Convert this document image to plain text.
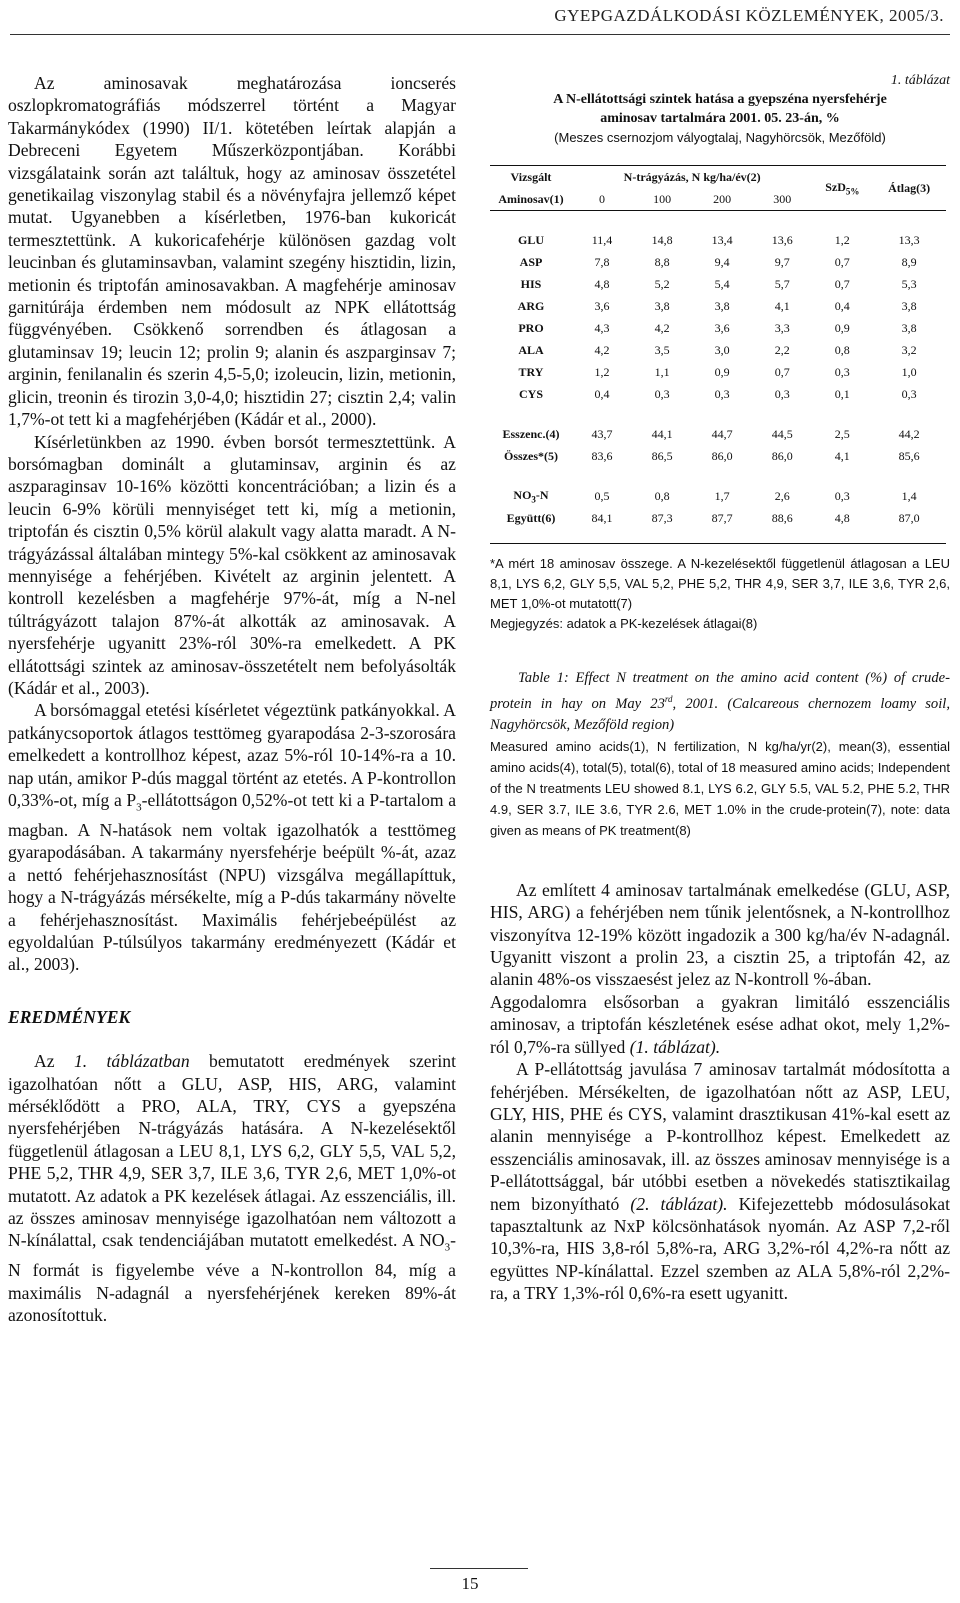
GYEPGAZDÁLKODÁSI KÖZLEMÉNYEK, 2005/3.

Az aminosavak meghatározása ioncserés oszlopkromatográfiás módszerrel történt a Magyar Takarmánykódex (1990) II/1. kötetében leírtak alapján a Debreceni Egyetem Műszerközpontjában. Korábbi vizsgálataink során azt találtuk, hogy az aminosav összetétel genetikailag viszonylag stabil és a növényfajra jellemző képet mutat. Ugyanebben a kísérletben, 1976-ban kukoricát termesztettünk. A kukoricafehérje különösen gazdag volt leucinban és glutaminsavban, valamint szegény hisztidin, lizin, metionin és triptofán aminosavakban. A magfehérje aminosav garnitúrája érdemben nem módosult az NPK ellátottság függvényében. Csökkenő sorrendben és átlagosan a glutaminsav 19; leucin 12; prolin 9; alanin és aszparginsav 7; arginin, fenilanalin és szerin 4,5-5,0; izoleucin, lizin, metionin, glicin, treonin és tirozin 3,0-4,0; hisztidin 27; cisztin 2,4; valin 1,7%-ot tett ki a magfehérjében (Kádár et al., 2000).

Kísérletünkben az 1990. évben borsót termesztettünk. A borsómagban dominált a glutaminsav, arginin és az aszparaginsav 10-16% közötti koncentrációban; a lizin és a leucin 6-9% körüli mennyiséget tett ki, míg a metionin, triptofán és cisztin 0,5% körül alakult vagy alatta maradt. A N-trágyázással általában mintegy 5%-kal csökkent az aminosavak mennyisége a fehérjében. Kivételt az arginin jelentett. A kontroll kezelésben a magfehérje 97%-át, míg a N-nel túltrágyázott talajon 87%-át alkották az aminosavak. A nyersfehérje ugyanitt 23%-ról 30%-ra emelkedett. A PK ellátottsági szintek az aminosav-összetételt nem befolyásolták (Kádár et al., 2003).

A borsómaggal etetési kísérletet végeztünk patkányokkal. A patkánycsoportok átlagos testtömeg gyarapodása 2-3-szorosára emelkedett a kontrollhoz képest, azaz 5%-ról 10-14%-ra a 10. nap után, amikor P-dús maggal történt az etetés. A P-kontrollon 0,33%-ot, míg a $P_3$-ellátottságon 0,52%-ot tett ki a P-tartalom a magban. A N-hatások nem voltak igazolhatók a testtömeg gyarapodásában. A takarmány nyersfehérje beépült %-át, azaz a nettó fehérjehasznosítást (NPU) vizsgálva megállapíttuk, hogy a N-trágyázás mérsékelte, míg a P-dús takarmány növelte a fehérjehasznosítást. Maximális fehérjebeépülést az egyoldalúan P-túlsúlyos takarmány eredményezett (Kádár et al., 2003).

EREDMÉNYEK

Az 1. táblázatban bemutatott eredmények szerint igazolhatóan nőtt a GLU, ASP, HIS, ARG, valamint mérséklődött a PRO, ALA, TRY, CYS a gyepszéna nyersfehérjében N-trágyázás hatására. A N-kezelésektől függetlenül átlagosan a LEU 8,1, LYS 6,2, GLY 5,5, VAL 5,2, PHE 5,2, THR 4,9, SER 3,7, ILE 3,6, TYR 2,6, MET 1,0%-ot mutatott. Az adatok a PK kezelések átlagai. Az esszenciális, ill. az összes aminosav mennyisége igazolhatóan nem változott a N-kínálattal, csak tendenciájában mutatott emelkedést. A $NO_3-N$ formát is figyelembe véve a N-kontrollon 84, míg a maximális N-adagnál a nyersfehérjének kereken 89%-át azonosítottuk.

1. táblázat
A N-ellátottsági szintek hatása a gyepszéna nyersfehérje
aminosav tartalmára 2001. 05. 23-án, %
(Meszes csernozjom vályogtalaj, Nagyhörcsök, Mezőföld)
Vizsgált	N-trágyázás, N kg/ha/év(2)				SzD$_{5\%}$	Átlag(3)
Aminosav(1)	0	100	200	300		

GLU	11,4	14,8	13,4	13,6	1,2	13,3
ASP	7,8	8,8	9,4	9,7	0,7	8,9
HIS	4,8	5,2	5,4	5,7	0,7	5,3
ARG	3,6	3,8	3,8	4,1	0,4	3,8
PRO	4,3	4,2	3,6	3,3	0,9	3,8
ALA	4,2	3,5	3,0	2,2	0,8	3,2
TRY	1,2	1,1	0,9	0,7	0,3	1,0
CYS	0,4	0,3	0,3	0,3	0,1	0,3

Esszenc.(4)	43,7	44,1	44,7	44,5	2,5	44,2
Összes*(5)	83,6	86,5	86,0	86,0	4,1	85,6

$NO_3-N$	0,5	0,8	1,7	2,6	0,3	1,4
Együtt(6)	84,1	87,3	87,7	88,6	4,8	87,0

*A mért 18 aminosav összege. A N-kezelésektől függetlenül átlagosan a LEU 8,1, LYS 6,2, GLY 5,5, VAL 5,2, PHE 5,2, THR 4,9, SER 3,7, ILE 3,6, TYR 2,6, MET 1,0%-ot mutatott(7)
Megjegyzés: adatok a PK-kezelések átlagai(8)
Table 1: Effect N treatment on the amino acid content (%) of crude-protein in hay on May 23rd, 2001. (Calcareous chernozem loamy soil, Nagyhörcsök, Mezőföld region)
Measured amino acids(1), N fertilization, N kg/ha/yr(2), mean(3), essential amino acids(4), total(5), total(6), total of 18 measured amino acids; Independent of the N treatments LEU showed 8.1, LYS 6.2, GLY 5.5, VAL 5.2, PHE 5.2, THR 4.9, SER 3.7, ILE 3.6, TYR 2.6, MET 1.0% in the crude-protein(7), note: data given as means of PK treatment(8)

Az említett 4 aminosav tartalmának emelkedése (GLU, ASP, HIS, ARG) a fehérjében nem tűnik jelentősnek, a N-kontrollhoz viszonyítva 12-19% között ingadozik a 300 kg/ha/év N-adagnál. Ugyanitt viszont a prolin 23, a cisztin 25, a triptofán 42, az alanin 48%-os visszaesést jelez az N-kontroll %-ában.

Aggodalomra elsősorban a gyakran limitáló esszenciális aminosav, a triptofán készletének esése adhat okot, mely 1,2%-ról 0,7%-ra süllyed (1. táblázat).

A P-ellátottság javulása 7 aminosav tartalmát módosította a fehérjében. Mérsékelten, de igazolhatóan nőtt az ASP, LEU, GLY, HIS, PHE és CYS, valamint drasztikusan 41%-kal esett az alanin mennyisége a P-kontrollhoz képest. Emelkedett az esszenciális aminosavak, ill. az összes aminosav mennyisége is a P-ellátottsággal, bár utóbbi esetben a növekedés statisztikailag nem bizonyítható (2. táblázat). Kifejezettebb módosulásokat tapasztaltunk az NxP kölcsönhatások nyomán. Az ASP 7,2-ről 10,3%-ra, HIS 3,8-ról 5,8%-ra, ARG 3,2%-ról 4,2%-ra nőtt az együttes NP-kínálattal. Ezzel szemben az ALA 5,8%-ról 2,2%-ra, a TRY 1,3%-ról 0,6%-ra esett ugyanitt.

15
